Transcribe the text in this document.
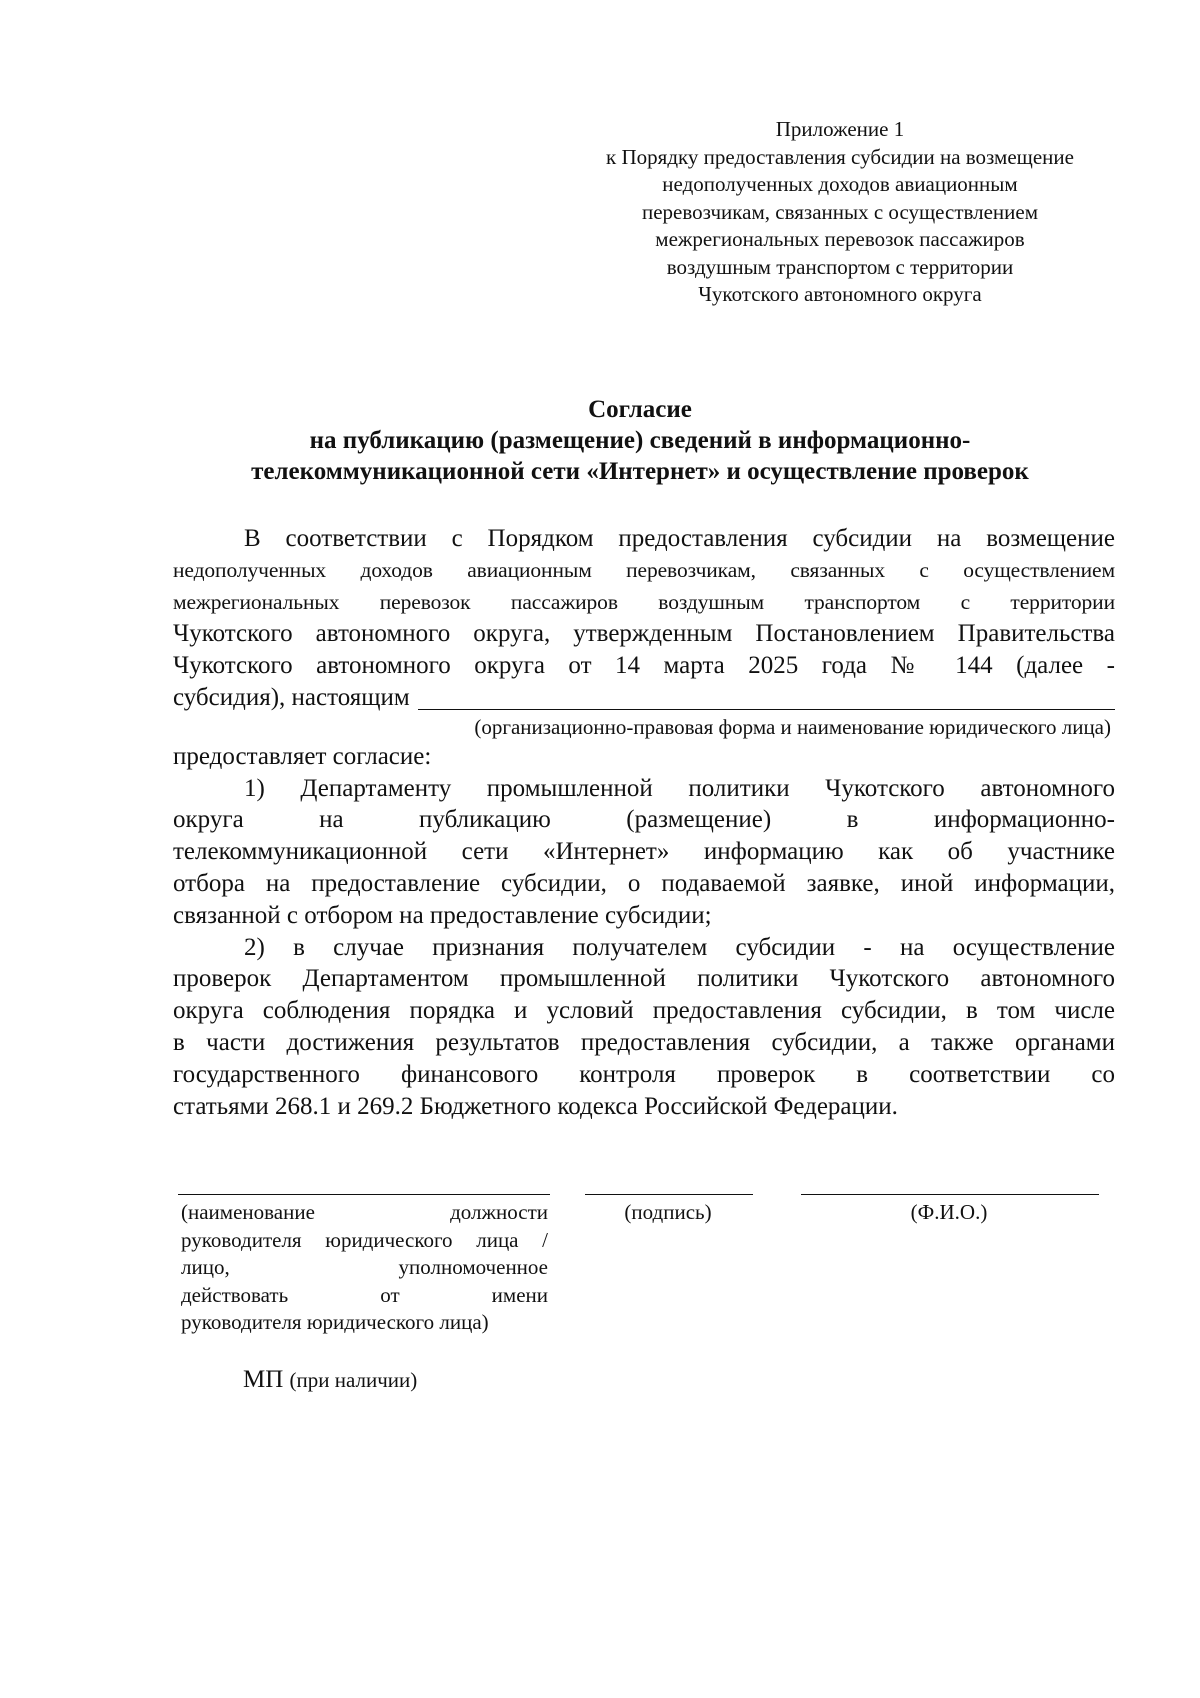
Приложение 1
к Порядку предоставления субсидии на возмещение
недополученных доходов авиационным
перевозчикам, связанных с осуществлением
межрегиональных перевозок пассажиров
воздушным транспортом с территории
Чукотского автономного округа
Согласие
на публикацию (размещение) сведений в информационно-
телекоммуникационной сети «Интернет» и осуществление проверок
В соответствии с Порядком предоставления субсидии на возмещение
недополученных доходов авиационным перевозчикам, связанных с осуществлением
межрегиональных перевозок пассажиров воздушным транспортом с территории
Чукотского автономного округа, утвержденным Постановлением Правительства
Чукотского автономного округа от 14 марта 2025 года № 144 (далее -
субсидия), настоящим
(организационно-правовая форма и наименование юридического лица)
предоставляет согласие:
1) Департаменту промышленной политики Чукотского автономного
округа на публикацию (размещение) в информационно-
телекоммуникационной сети «Интернет» информацию как об участнике
отбора на предоставление субсидии, о подаваемой заявке, иной информации,
связанной с отбором на предоставление субсидии;
2) в случае признания получателем субсидии - на осуществление
проверок Департаментом промышленной политики Чукотского автономного
округа соблюдения порядка и условий предоставления субсидии, в том числе
в части достижения результатов предоставления субсидии, а также органами
государственного финансового контроля проверок в соответствии со
статьями 268.1 и 269.2 Бюджетного кодекса Российской Федерации.
(наименование должности
руководителя юридического лица /
лицо, уполномоченное
действовать от имени
руководителя юридического лица)
(подпись)	(Ф.И.О.)
МП (при наличии)
